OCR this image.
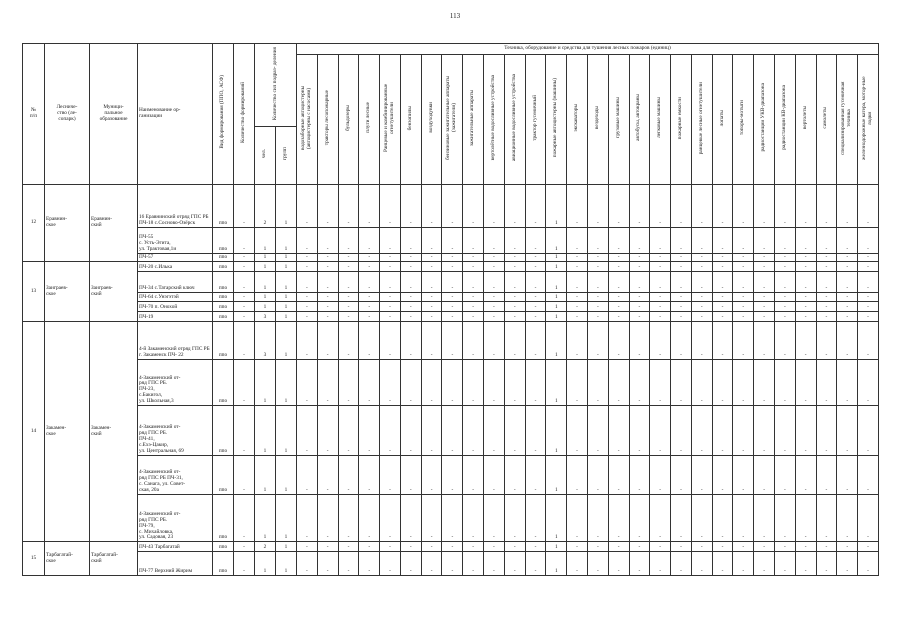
113
№
п/п	Лесниче-
ство (ле-
сопарк)	Муници-
пальное
образование	Наименование ор-
ганизации	Вид формирования (ППО, АСФ)	Количество формирований	Количество сил подраз- деления		Техника, оборудование и средства для тушения лесных пожаров (единиц)																											
								водозаборные автоцистерны (автоцистерны с насосами)	тракторы лесопожарные	бульдозеры	плуги лесные	Ранцевые и комбинированные огнетушители	бензопилы	воздуходувки	бензиновые зажигательные аппараты (зажигатели)	зажигательные аппараты	вертолётные водосливные устройства	авиационные водосливные устройства	трактор гусеничный	пожарные автоцистерны (машины)	экскаваторы	вездеходы	грузовые машины	автобусы, автокраны	легковые машины	пожарные емкости	ранцевые лесные огнетушители	лопаты	топоры-мотыги	радиостанции УКВ-диапазона	радиостанции КВ-диапазона	вертолеты	самолеты	специализированная гусеничная техника	железнодорожные катера, мотор-ные лодки
						чел.	групп																												
12	Еравнин-
ское	Еравнин-
ский	16 Еравнинский отряд ГПС РБ ПЧ-18 с.Сосново-Озёрск	ппо	-	2	1	-	-	-	-	-	-	-	-	-	-	-	-	1	-	-	-	-	-	-	-	-	-	-	-	-	-	-	-
			ПЧ-55
с. Усть-Эгита,
ул. Трактовая,1и	ппо	-	1	1	-	-	-	-	-	-	-	-	-	-	-	-	1	-	-	-	-	-	-	-	-	-	-	-	-	-	-	-
			ПЧ-57	ппо	-	1	1	-	-	-	-	-	-	-	-	-	-	-	-	1	-	-	-	-	-	-	-	-	-	-	-	-	-	-	-
13	Заиграев-
ское	Заиграев-
ский	ПЧ-20 с.Илька	ппо	-	1	1	-	-	-	-	-	-	-	-	-	-	-	-	1	-	-	-	-	-	-	-	-	-	-	-	-	-	-	-
			ПЧ-34 с.Татарский ключ	ппо	-	1	1	-	-	-	-	-	-	-	-	-	-	-	-	1	-	-	-	-	-	-	-	-	-	-	-	-	-	-	-
			ПЧ-64 с.Унэгэтэй	ппо	-	1	1	-	-	-	-	-	-	-	-	-	-	-	-	1	-	-	-	-	-	-	-	-	-	-	-	-	-	-	-
			ПЧ-70 п. Онохой	ппо	-	1	1	-	-	-	-	-	-	-	-	-	-	-	-	1	-	-	-	-	-	-	-	-	-	-	-	-	-	-	-
			ПЧ-19	ппо	-	3	1	-	-	-	-	-	-	-	-	-	-	-	-	1	-	-	-	-	-	-	-	-	-	-	-	-	-	-	-
14	Закамен-
ское	Закамен-
ский	4-й Закаменский отряд ГПС РБ г. Закаменск ПЧ- 22	ппо	-	3	1	-	-	-	-	-	-	-	-	-	-	-	-	1	-	-	-	-	-	-	-	-	-	-	-	-	-	-	-
			4-Закаменский от-
ряд ГПС РБ.
ПЧ-23,
с.Бакигол,
ул. Школьная,3	ппо	-	1	1	-	-	-	-	-	-	-	-	-	-	-	-	1	-	-	-	-	-	-	-	-	-	-	-	-	-	-	-
			4-Закаменский от-
ряд ГПС РБ.
ПЧ-41,
с.Ехэ-Цакир,
ул. Центральная, 69	ппо	-	1	1	-	-	-	-	-	-	-	-	-	-	-	-	1	-	-	-	-	-	-	-	-	-	-	-	-	-	-	-
			4-Закаменский от-
ряд ГПС РБ ПЧ-31,
с. Санага, ул. Совет-
ская, 20а	ппо	-	1	1	-	-	-	-	-	-	-	-	-	-	-	-	1	-	-	-	-	-	-	-	-	-	-	-	-	-	-	-
			4-Закаменский от-
ряд ГПС РБ.
ПЧ-79,
с. Михайловка,
ул. Садовая, 23	ппо	-	1	1	-	-	-	-	-	-	-	-	-	-	-	-	1	-	-	-	-	-	-	-	-	-	-	-	-	-	-	-
15	Тарбагатай-
ское	Тарбагатай-
ский	ПЧ-43 Тарбагатай	ппо	-	2	1	-	-	-	-	-	-	-	-	-	-	-	-	1	-	-	-	-	-	-	-	-	-	-	-	-	-	-	-
			ПЧ-77 Верхний Жирим	ппо	-	1	1	-	-	-	-	-	-	-	-	-	-	-	-	1	-	-	-	-	-	-	-	-	-	-	-	-	-	-	-
